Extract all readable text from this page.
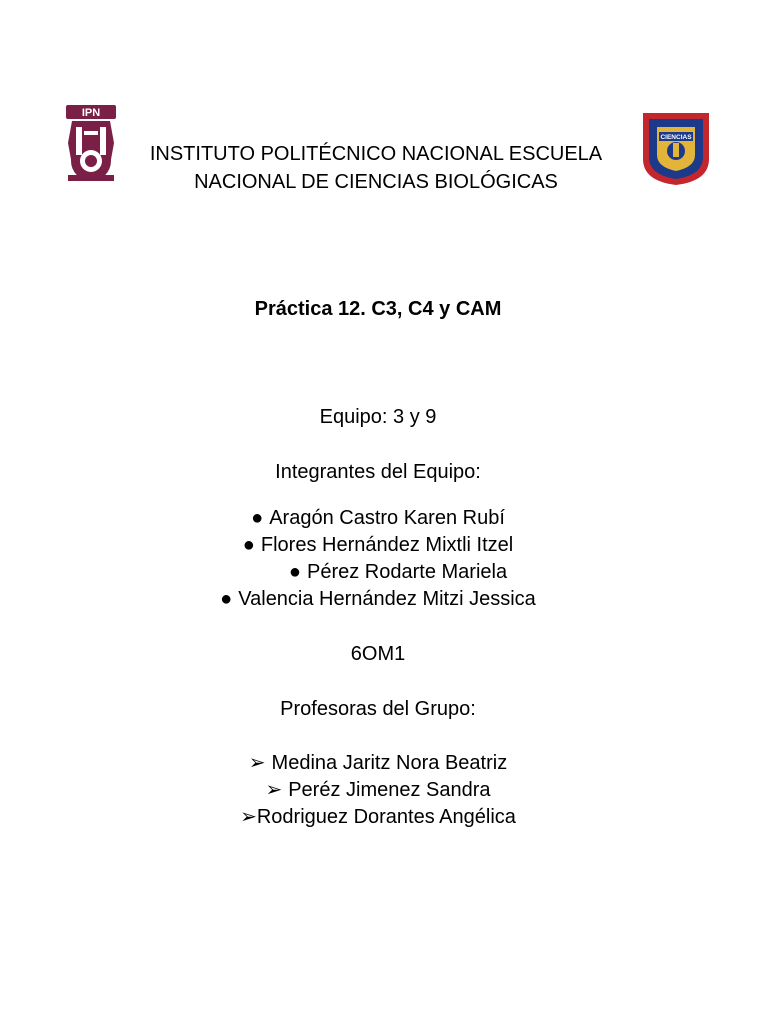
IPN
CIENCIAS
INSTITUTO POLITÉCNICO NACIONAL ESCUELA NACIONAL DE CIENCIAS BIOLÓGICAS
Práctica 12. C3, C4 y CAM

Equipo: 3 y 9

Integrantes del Equipo:

● Aragón Castro Karen Rubí

● Flores Hernández Mixtli Itzel

● Pérez Rodarte Mariela

● Valencia Hernández Mitzi Jessica

6OM1

Profesoras del Grupo:

➢ Medina Jaritz Nora Beatriz

➢ Peréz Jimenez Sandra

➢Rodriguez Dorantes Angélica
